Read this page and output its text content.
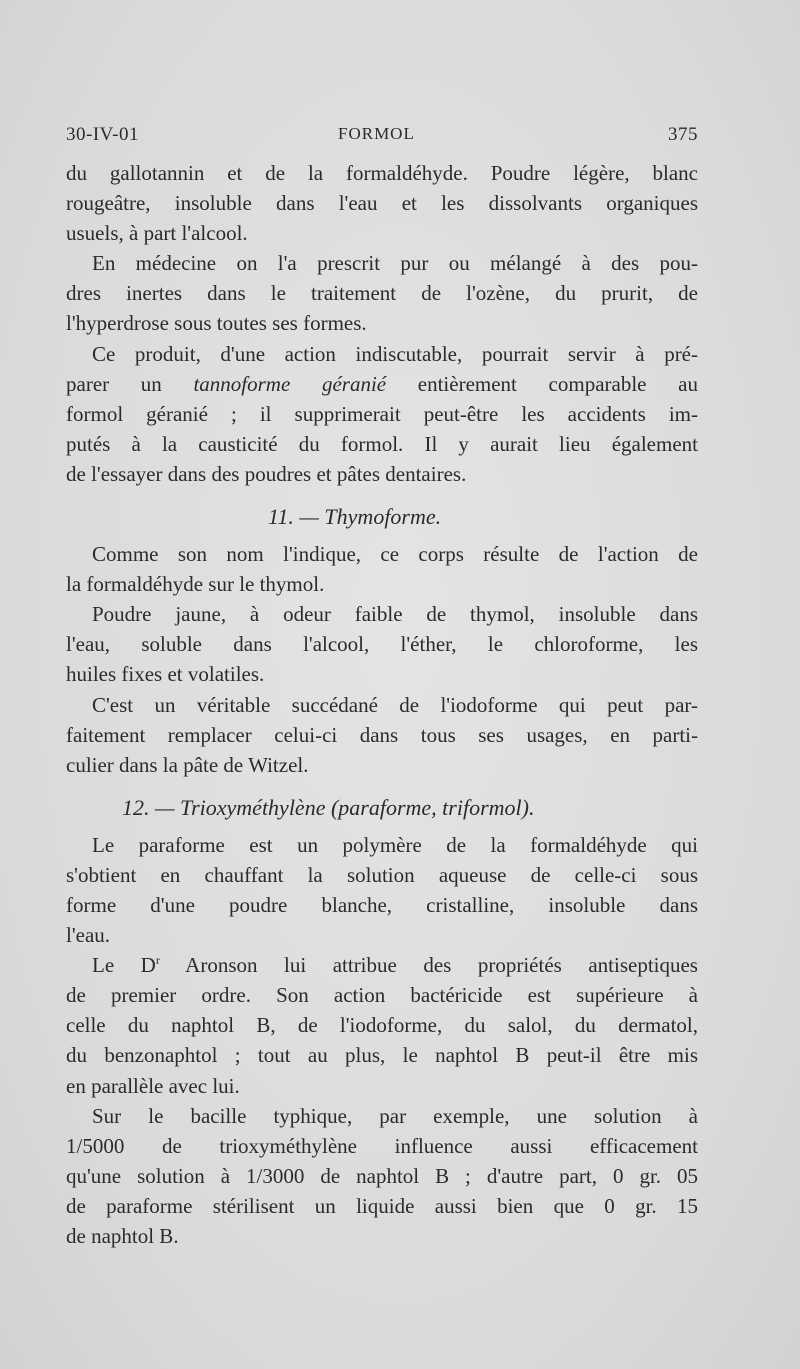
30-IV-01	FORMOL	375
du gallotannin et de la formaldéhyde. Poudre légère, blanc
rougeâtre, insoluble dans l'eau et les dissolvants organiques
usuels, à part l'alcool.
En médecine on l'a prescrit pur ou mélangé à des pou-
dres inertes dans le traitement de l'ozène, du prurit, de
l'hyperdrose sous toutes ses formes.
Ce produit, d'une action indiscutable, pourrait servir à pré-
parer un tannoforme géranié entièrement comparable au
formol géranié ; il supprimerait peut-être les accidents im-
putés à la causticité du formol. Il y aurait lieu également
de l'essayer dans des poudres et pâtes dentaires.
11. — Thymoforme.
Comme son nom l'indique, ce corps résulte de l'action de
la formaldéhyde sur le thymol.
Poudre jaune, à odeur faible de thymol, insoluble dans
l'eau, soluble dans l'alcool, l'éther, le chloroforme, les
huiles fixes et volatiles.
C'est un véritable succédané de l'iodoforme qui peut par-
faitement remplacer celui-ci dans tous ses usages, en parti-
culier dans la pâte de Witzel.
12. — Trioxyméthylène (paraforme, triformol).
Le paraforme est un polymère de la formaldéhyde qui
s'obtient en chauffant la solution aqueuse de celle-ci sous
forme d'une poudre blanche, cristalline, insoluble dans
l'eau.
Le $D^r$ Aronson lui attribue des propriétés antiseptiques
de premier ordre. Son action bactéricide est supérieure à
celle du naphtol B, de l'iodoforme, du salol, du dermatol,
du benzonaphtol ; tout au plus, le naphtol B peut-il être mis
en parallèle avec lui.
Sur le bacille typhique, par exemple, une solution à
1/5000 de trioxyméthylène influence aussi efficacement
qu'une solution à 1/3000 de naphtol B ; d'autre part, 0 gr. 05
de paraforme stérilisent un liquide aussi bien que 0 gr. 15
de naphtol B.
